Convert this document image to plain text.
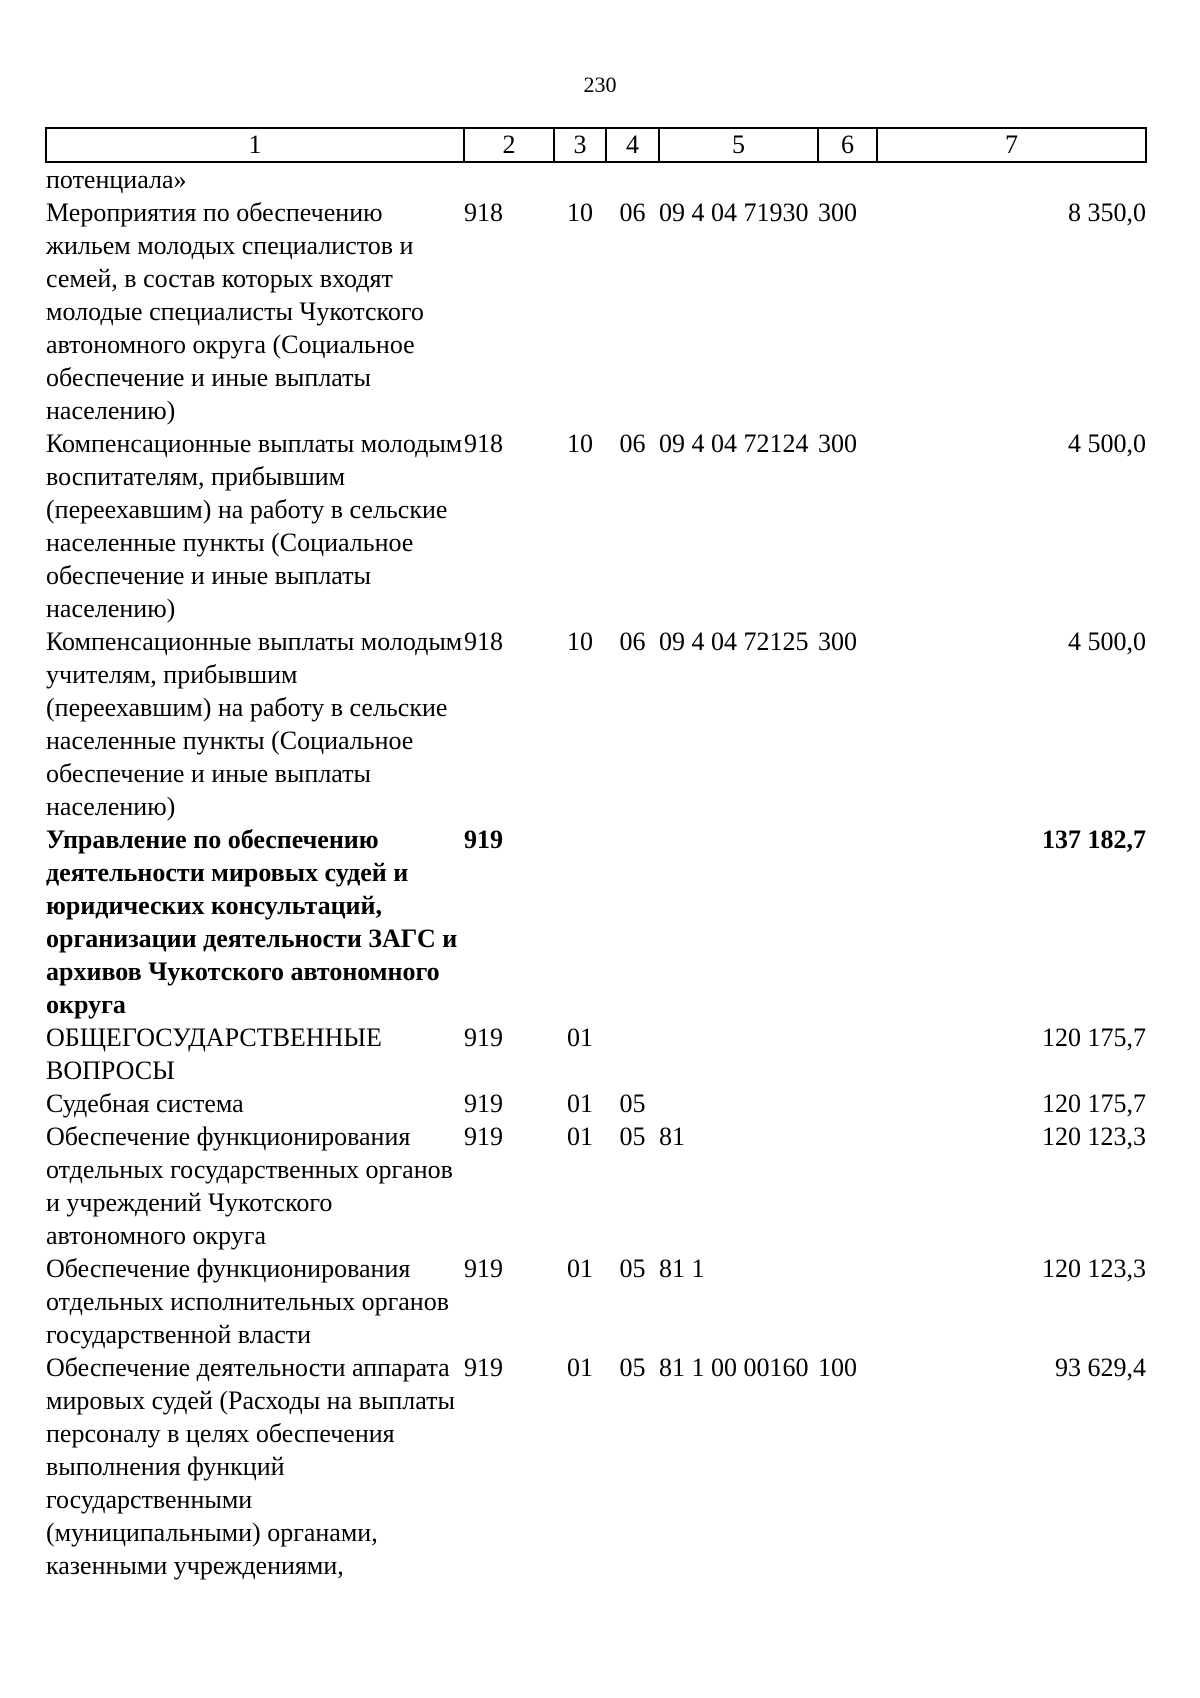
230
1	2	3	4	5	6	7
потенциала»						
Мероприятия по обеспечению жильем молодых специалистов и семей, в состав которых входят молодые специалисты Чукотского автономного округа (Социальное обеспечение и иные выплаты населению)	918	10	06	09 4 04 71930	300	8 350,0
Компенсационные выплаты молодым воспитателям, прибывшим (переехавшим) на работу в сельские населенные пункты (Социальное обеспечение и иные выплаты населению)	918	10	06	09 4 04 72124	300	4 500,0
Компенсационные выплаты молодым учителям, прибывшим (переехавшим) на работу в сельские населенные пункты (Социальное обеспечение и иные выплаты населению)	918	10	06	09 4 04 72125	300	4 500,0
Управление по обеспечению деятельности мировых судей и юридических консультаций, организации деятельности ЗАГС и архивов Чукотского автономного округа	919					137 182,7
ОБЩЕГОСУДАРСТВЕННЫЕ ВОПРОСЫ	919	01				120 175,7
Судебная система	919	01	05			120 175,7
Обеспечение функционирования отдельных государственных органов и учреждений Чукотского автономного округа	919	01	05	81		120 123,3
Обеспечение функционирования отдельных исполнительных органов государственной власти	919	01	05	81 1		120 123,3
Обеспечение деятельности аппарата мировых судей (Расходы на выплаты персоналу в целях обеспечения выполнения функций государственными (муниципальными) органами, казенными учреждениями,	919	01	05	81 1 00 00160	100	93 629,4
